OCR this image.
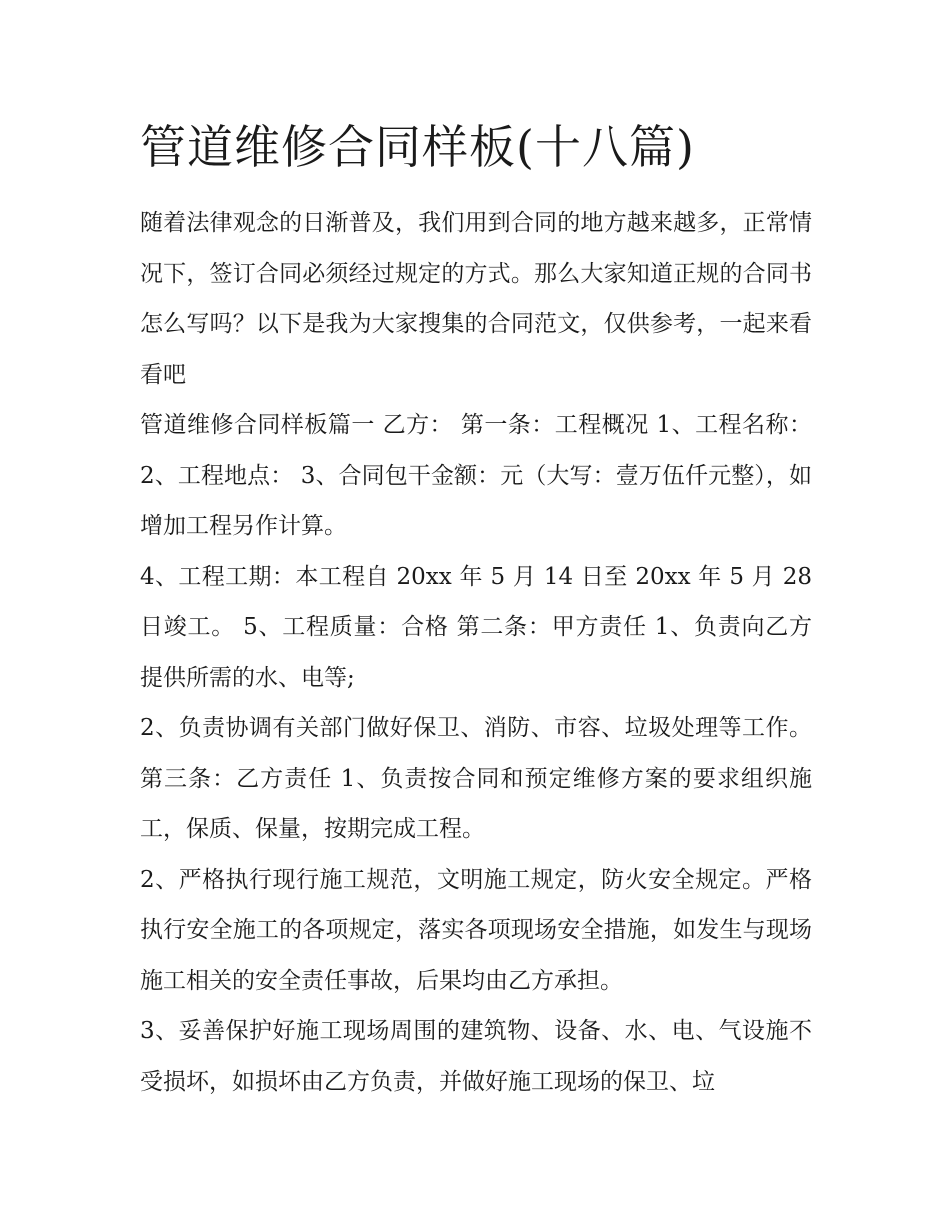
管道维修合同样板(十八篇)

随着法律观念的日渐普及，我们用到合同的地方越来越多，正常情况下，签订合同必须经过规定的方式。那么大家知道正规的合同书怎么写吗？以下是我为大家搜集的合同范文，仅供参考，一起来看看吧

管道维修合同样板篇一 乙方： 第一条：工程概况 1、工程名称： 2、工程地点： 3、合同包干金额：元（大写：壹万伍仟元整），如增加工程另作计算。

4、工程工期：本工程自 20xx 年 5 月 14 日至 20xx 年 5 月 28 日竣工。 5、工程质量：合格 第二条：甲方责任 1、负责向乙方提供所需的水、电等;

2、负责协调有关部门做好保卫、消防、市容、垃圾处理等工作。 第三条：乙方责任 1、负责按合同和预定维修方案的要求组织施工，保质、保量，按期完成工程。

2、严格执行现行施工规范，文明施工规定，防火安全规定。严格执行安全施工的各项规定，落实各项现场安全措施，如发生与现场施工相关的安全责任事故，后果均由乙方承担。

3、妥善保护好施工现场周围的建筑物、设备、水、电、气设施不受损坏，如损坏由乙方负责，并做好施工现场的保卫、垃
